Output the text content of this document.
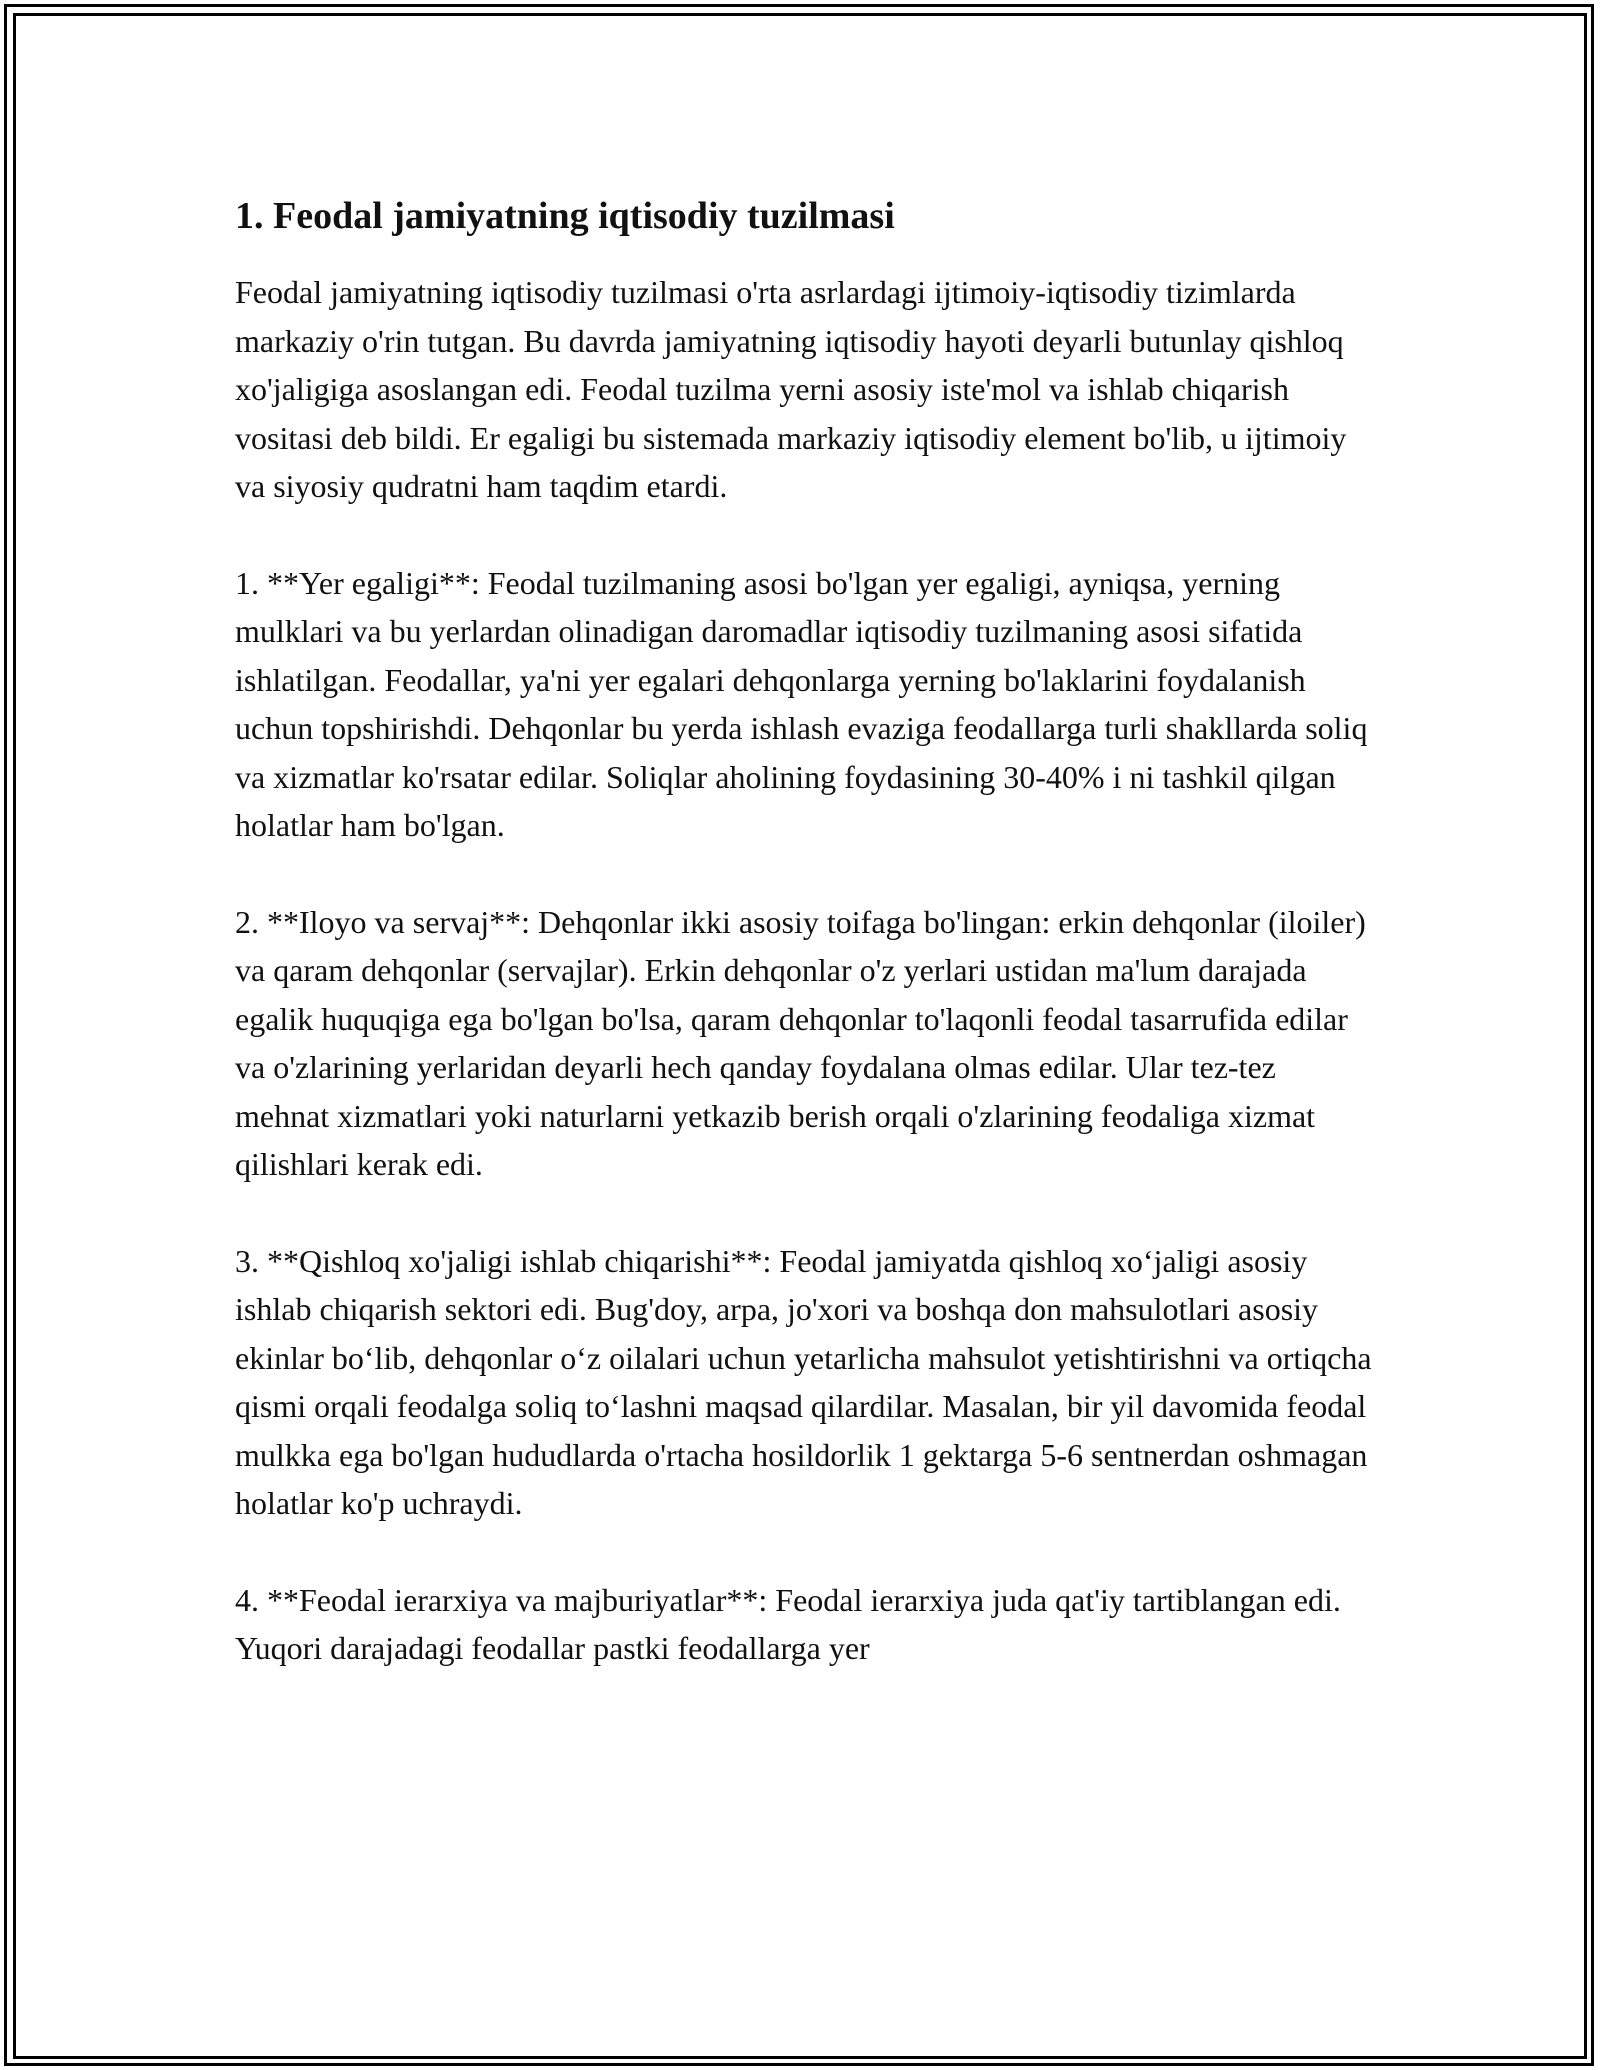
1. Feodal jamiyatning iqtisodiy tuzilmasi

Feodal jamiyatning iqtisodiy tuzilmasi o'rta asrlardagi ijtimoiy-iqtisodiy tizimlarda markaziy o'rin tutgan. Bu davrda jamiyatning iqtisodiy hayoti deyarli butunlay qishloq xo'jaligiga asoslangan edi. Feodal tuzilma yerni asosiy iste'mol va ishlab chiqarish vositasi deb bildi. Er egaligi bu sistemada markaziy iqtisodiy element bo'lib, u ijtimoiy va siyosiy qudratni ham taqdim etardi.

1. **Yer egaligi**: Feodal tuzilmaning asosi bo'lgan yer egaligi, ayniqsa, yerning mulklari va bu yerlardan olinadigan daromadlar iqtisodiy tuzilmaning asosi sifatida ishlatilgan. Feodallar, ya'ni yer egalari dehqonlarga yerning bo'laklarini foydalanish uchun topshirishdi. Dehqonlar bu yerda ishlash evaziga feodallarga turli shakllarda soliq va xizmatlar ko'rsatar edilar. Soliqlar aholining foydasining 30-40% i ni tashkil qilgan holatlar ham bo'lgan.

2. **Iloyo va servaj**: Dehqonlar ikki asosiy toifaga bo'lingan: erkin dehqonlar (iloiler) va qaram dehqonlar (servajlar). Erkin dehqonlar o'z yerlari ustidan ma'lum darajada egalik huquqiga ega bo'lgan bo'lsa, qaram dehqonlar to'laqonli feodal tasarrufida edilar va o'zlarining yerlaridan deyarli hech qanday foydalana olmas edilar. Ular tez-tez mehnat xizmatlari yoki naturlarni yetkazib berish orqali o'zlarining feodaliga xizmat qilishlari kerak edi.

3. **Qishloq xo'jaligi ishlab chiqarishi**: Feodal jamiyatda qishloq xo‘jaligi asosiy ishlab chiqarish sektori edi. Bug'doy, arpa, jo'xori va boshqa don mahsulotlari asosiy ekinlar bo‘lib, dehqonlar o‘z oilalari uchun yetarlicha mahsulot yetishtirishni va ortiqcha qismi orqali feodalga soliq to‘lashni maqsad qilardilar. Masalan, bir yil davomida feodal mulkka ega bo'lgan hududlarda o'rtacha hosildorlik 1 gektarga 5-6 sentnerdan oshmagan holatlar ko'p uchraydi.

4. **Feodal ierarxiya va majburiyatlar**: Feodal ierarxiya juda qat'iy tartiblangan edi. Yuqori darajadagi feodallar pastki feodallarga yer
